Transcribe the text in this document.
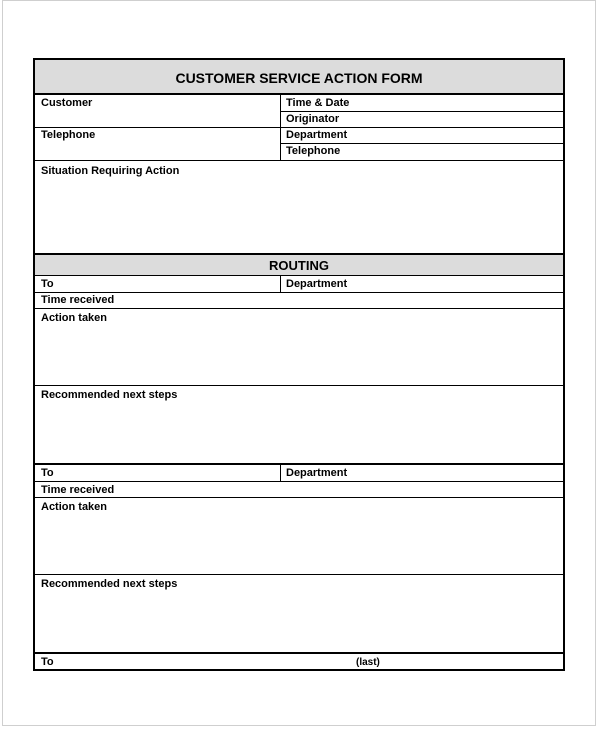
CUSTOMER SERVICE ACTION FORM
Customer	Time & Date
Originator
Telephone	Department
Telephone
Situation Requiring Action
ROUTING
To	Department
Time received
Action taken
Recommended next steps
To	Department
Time received
Action taken
Recommended next steps
To	(last)
